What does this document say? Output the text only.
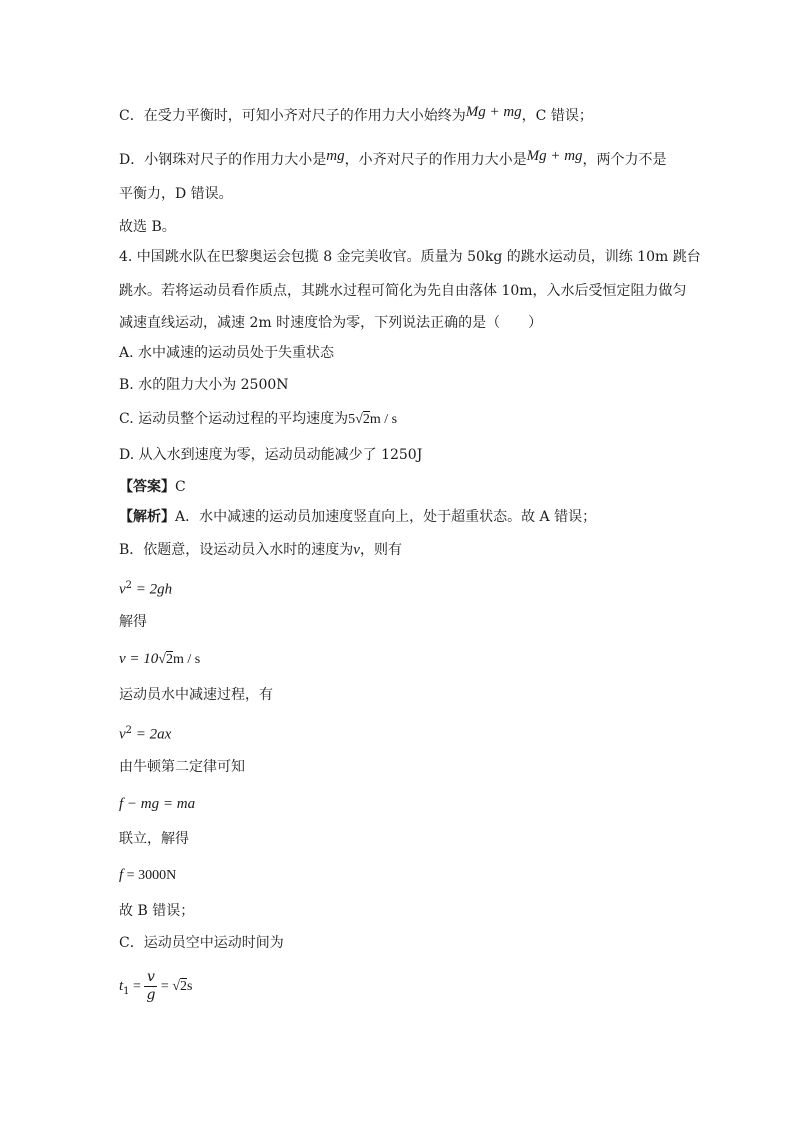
C．在受力平衡时，可知小齐对尺子的作用力大小始终为Mg + mg，C 错误；
D．小钢珠对尺子的作用力大小是mg，小齐对尺子的作用力大小是Mg + mg，两个力不是
平衡力，D 错误。
故选 B。
4. 中国跳水队在巴黎奥运会包揽 8 金完美收官。质量为 50kg 的跳水运动员，训练 10m 跳台
跳水。若将运动员看作质点，其跳水过程可简化为先自由落体 10m，入水后受恒定阻力做匀
减速直线运动，减速 2m 时速度恰为零，下列说法正确的是（　　）
A. 水中减速的运动员处于失重状态
B. 水的阻力大小为 2500N
C. 运动员整个运动过程的平均速度为5√2m / s
D. 从入水到速度为零，运动员动能减少了 1250J
【答案】C
【解析】A．水中减速的运动员加速度竖直向上，处于超重状态。故 A 错误；
B．依题意，设运动员入水时的速度为v，则有
$v^2 = 2gh$
解得
v = 10√2m / s
运动员水中减速过程，有
$v^2 = 2ax$
由牛顿第二定律可知
f − mg = ma
联立，解得
f = 3000N
故 B 错误；
C．运动员空中运动时间为
$t_1 = \frac{v}{g} = √2s$
